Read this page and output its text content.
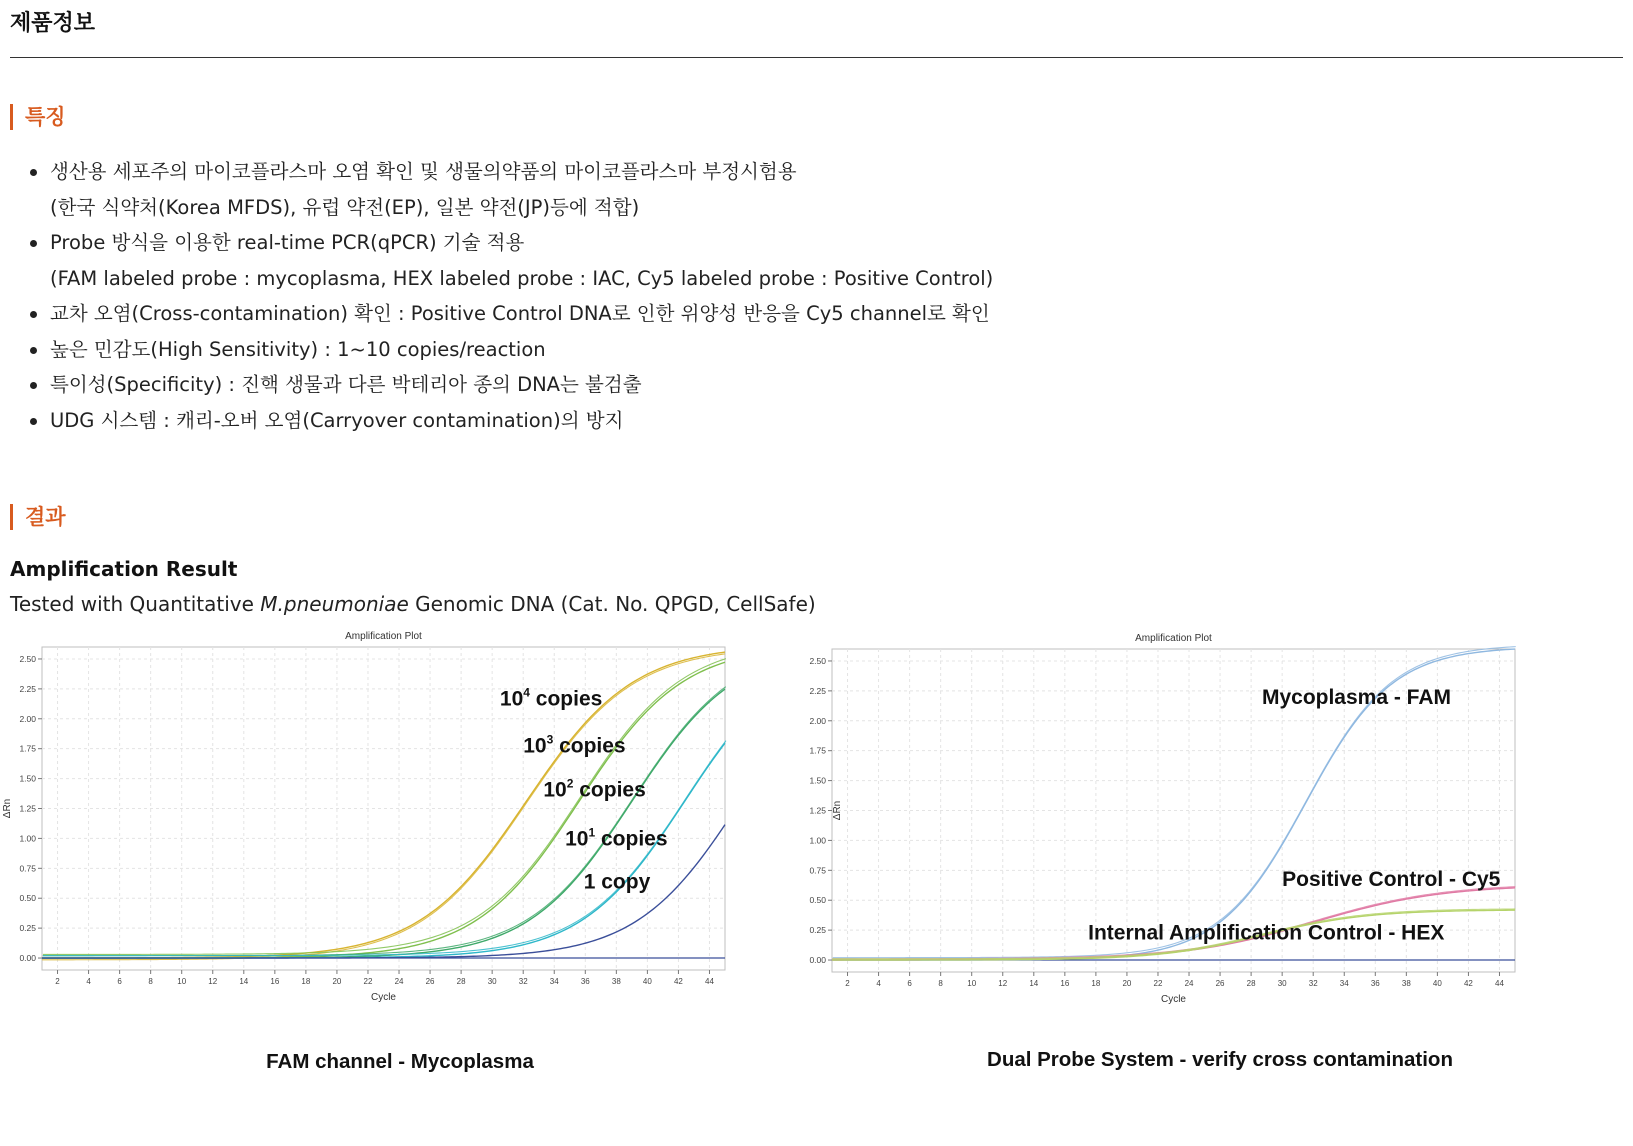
제품정보
특징
생산용 세포주의 마이코플라스마 오염 확인 및 생물의약품의 마이코플라스마 부정시험용
(한국 식약처(Korea MFDS), 유럽 약전(EP), 일본 약전(JP)등에 적합)
Probe 방식을 이용한 real-time PCR(qPCR) 기술 적용
(FAM labeled probe : mycoplasma, HEX labeled probe : IAC, Cy5 labeled probe : Positive Control)
교차 오염(Cross-contamination) 확인 : Positive Control DNA로 인한 위양성 반응을 Cy5 channel로 확인
높은 민감도(High Sensitivity) : 1~10 copies/reaction
특이성(Specificity) : 진핵 생물과 다른 박테리아 종의 DNA는 불검출
UDG 시스템 : 캐리-오버 오염(Carryover contamination)의 방지
결과
Amplification Result
Tested with Quantitative M.pneumoniae Genomic DNA (Cat. No. QPGD, CellSafe)
Amplification Plot
2	4	6	8	10	12	14	16	18	20	22	24	26	28	30	32	34	36	38	40	42	44
0.00
0.25
0.50
0.75
1.00
1.25
1.50
1.75
2.00
2.25
2.50
Cycle
ΔRn
$10^4$ copies
$10^3$ copies
$10^2$ copies
$10^1$ copies
1 copy
FAM channel - Mycoplasma
Amplification Plot
2	4	6	8	10	12	14	16	18	20	22	24	26	28	30	32	34	36	38	40	42	44
0.00
0.25
0.50
0.75
1.00
1.25
1.50
1.75
2.00
2.25
2.50
Cycle
ΔRn
Mycoplasma - FAM
Positive Control - Cy5
Internal Amplification Control - HEX
Dual Probe System - verify cross contamination
